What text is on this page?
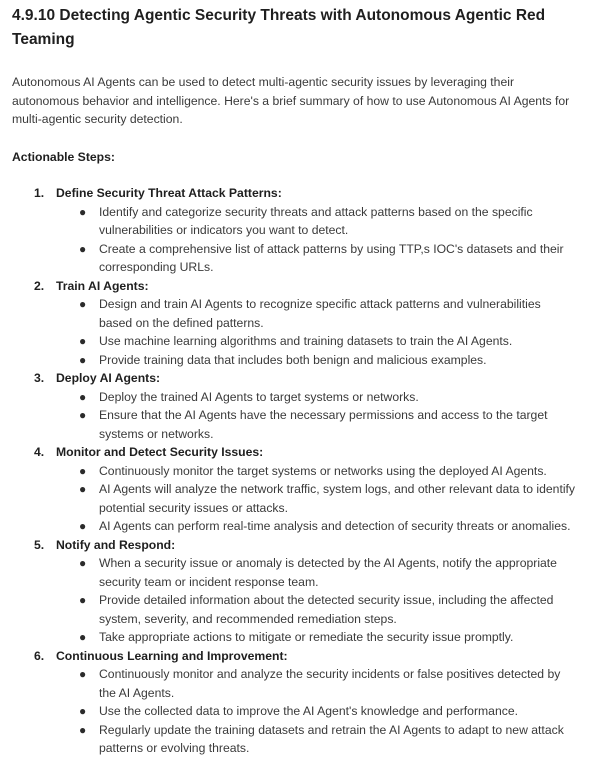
4.9.10 Detecting Agentic Security Threats with Autonomous Agentic Red Teaming

Autonomous AI Agents can be used to detect multi-agentic security issues by leveraging their autonomous behavior and intelligence. Here's a brief summary of how to use Autonomous AI Agents for multi-agentic security detection.

Actionable Steps:
1. Define Security Threat Attack Patterns:
● Identify and categorize security threats and attack patterns based on the specific vulnerabilities or indicators you want to detect.
● Create a comprehensive list of attack patterns by using TTP,s IOC's datasets and their corresponding URLs.
2. Train AI Agents:
● Design and train AI Agents to recognize specific attack patterns and vulnerabilities based on the defined patterns.
● Use machine learning algorithms and training datasets to train the AI Agents.
● Provide training data that includes both benign and malicious examples.
3. Deploy AI Agents:
● Deploy the trained AI Agents to target systems or networks.
● Ensure that the AI Agents have the necessary permissions and access to the target systems or networks.
4. Monitor and Detect Security Issues:
● Continuously monitor the target systems or networks using the deployed AI Agents.
● AI Agents will analyze the network traffic, system logs, and other relevant data to identify potential security issues or attacks.
● AI Agents can perform real-time analysis and detection of security threats or anomalies.
5. Notify and Respond:
● When a security issue or anomaly is detected by the AI Agents, notify the appropriate security team or incident response team.
● Provide detailed information about the detected security issue, including the affected system, severity, and recommended remediation steps.
● Take appropriate actions to mitigate or remediate the security issue promptly.
6. Continuous Learning and Improvement:
● Continuously monitor and analyze the security incidents or false positives detected by the AI Agents.
● Use the collected data to improve the AI Agent's knowledge and performance.
● Regularly update the training datasets and retrain the AI Agents to adapt to new attack patterns or evolving threats.
